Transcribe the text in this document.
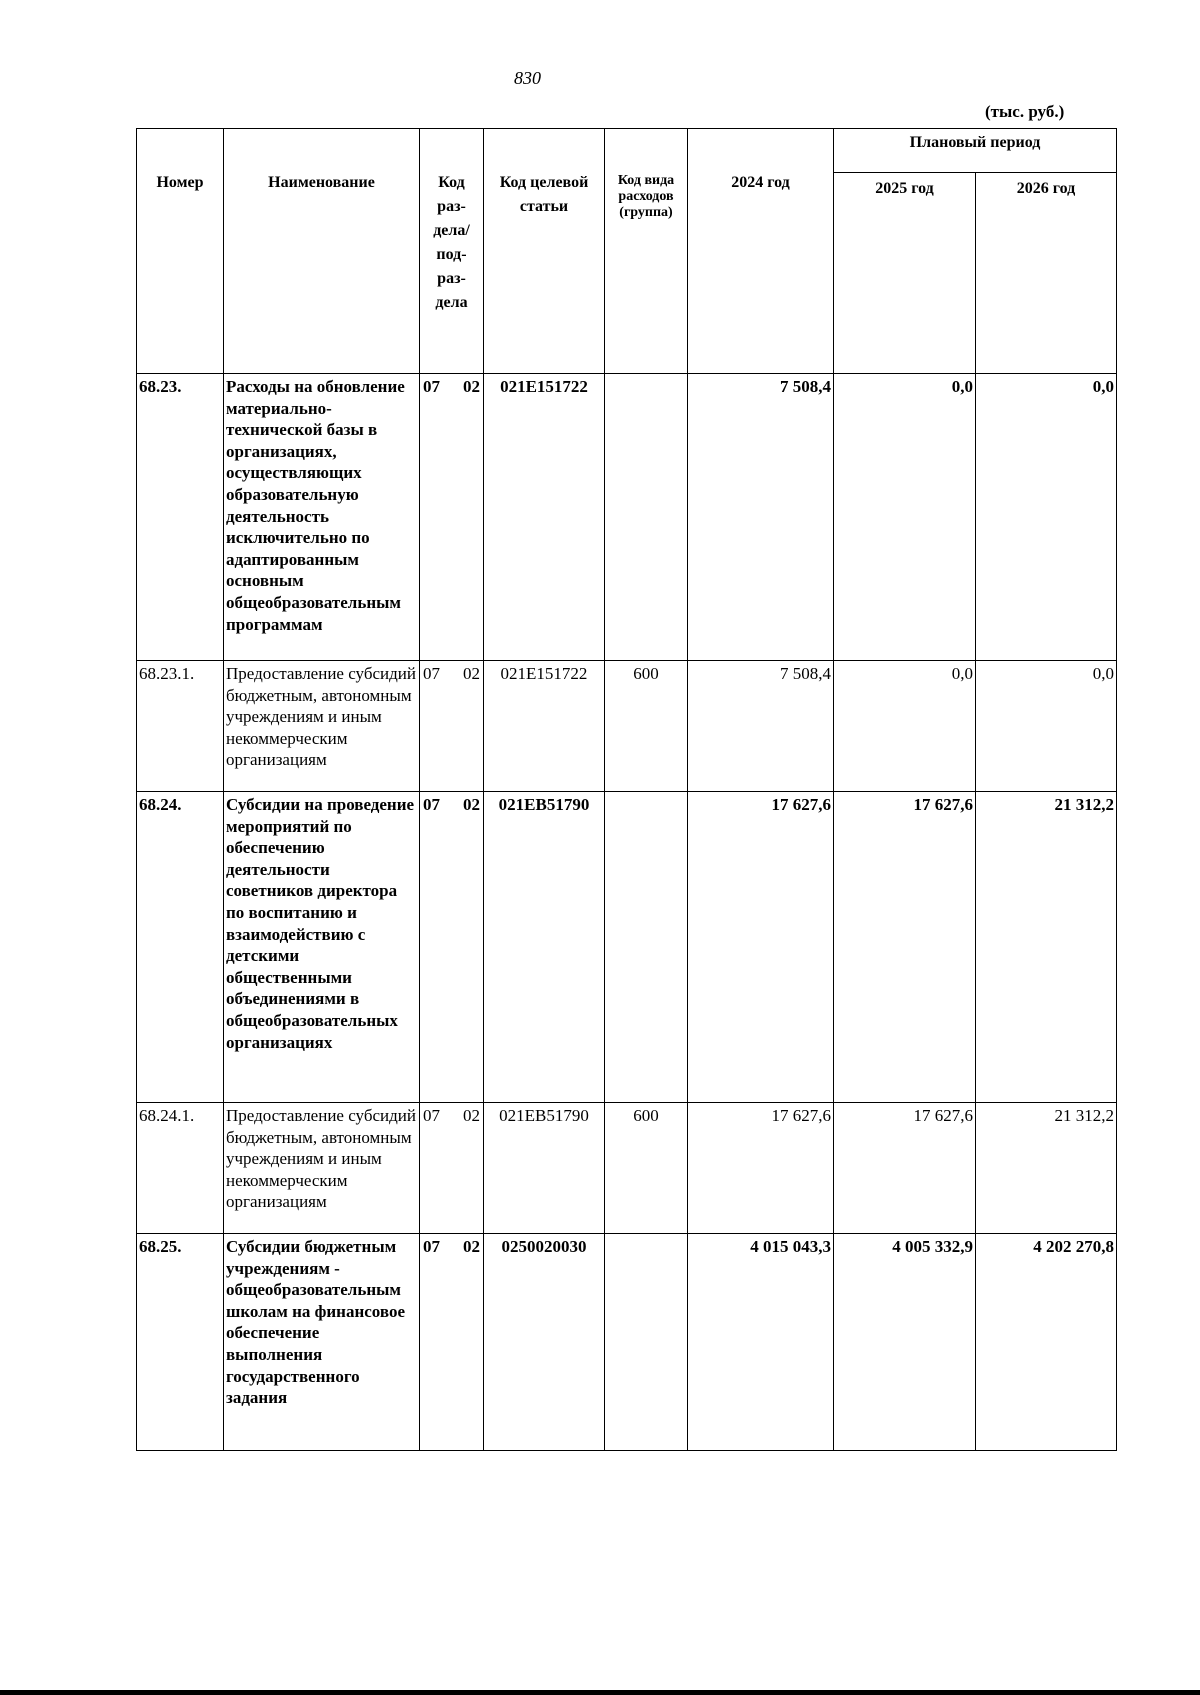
830
(тыс. руб.)
Номер	Наименование	Код раз- дела/ под- раз- дела	Код целевой статьи	Код вида расходов (группа)	2024 год	Плановый период	
						2025 год	2026 год
68.23.	Расходы на обновление материально-технической базы в организациях, осуществляющих образовательную деятельность исключительно по адаптированным основным общеобразовательным программам	07 02	021E151722		7 508,4	0,0	0,0
68.23.1.	Предоставление субсидий бюджетным, автономным учреждениям и иным некоммерческим организациям	07 02	021E151722	600	7 508,4	0,0	0,0
68.24.	Субсидии на проведение мероприятий по обеспечению деятельности советников директора по воспитанию и взаимодействию с детскими общественными объединениями в общеобразовательных организациях	07 02	021EB51790		17 627,6	17 627,6	21 312,2
68.24.1.	Предоставление субсидий бюджетным, автономным учреждениям и иным некоммерческим организациям	07 02	021EB51790	600	17 627,6	17 627,6	21 312,2
68.25.	Субсидии бюджетным учреждениям - общеобразовательным школам на финансовое обеспечение выполнения государственного задания	07 02	0250020030		4 015 043,3	4 005 332,9	4 202 270,8
